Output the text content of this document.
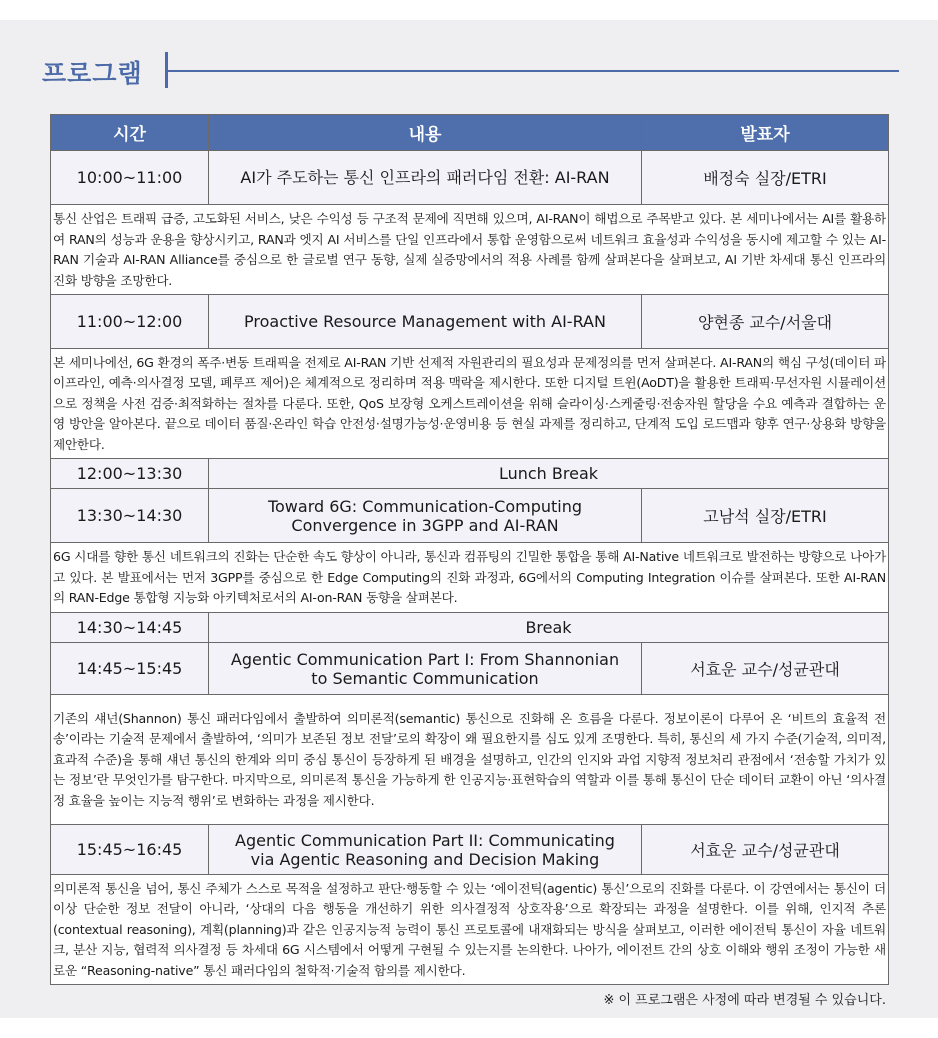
프로그램
시간	내용	발표자
10:00~11:00	AI가 주도하는 통신 인프라의 패러다임 전환: AI-RAN	배정숙 실장/ETRI
통신 산업은 트래픽 급증, 고도화된 서비스, 낮은 수익성 등 구조적 문제에 직면해 있으며, AI-RAN이 해법으로 주목받고 있다. 본 세미나에서는 AI를 활용하여 RAN의 성능과 운용을 향상시키고, RAN과 엣지 AI 서비스를 단일 인프라에서 통합 운영함으로써 네트워크 효율성과 수익성을 동시에 제고할 수 있는 AI-RAN 기술과 AI-RAN Alliance를 중심으로 한 글로벌 연구 동향, 실제 실증망에서의 적용 사례를 함께 살펴본다을 살펴보고, AI 기반 차세대 통신 인프라의 진화 방향을 조망한다.		
11:00~12:00	Proactive Resource Management with AI-RAN	양현종 교수/서울대
본 세미나에선, 6G 환경의 폭주·변동 트래픽을 전제로 AI-RAN 기반 선제적 자원관리의 필요성과 문제정의를 먼저 살펴본다. AI-RAN의 핵심 구성(데이터 파이프라인, 예측·의사결정 모델, 폐루프 제어)은 체계적으로 정리하며 적용 맥락을 제시한다. 또한 디지털 트윈(AoDT)을 활용한 트래픽·무선자원 시뮬레이션으로 정책을 사전 검증·최적화하는 절차를 다룬다. 또한, QoS 보장형 오케스트레이션을 위해 슬라이싱·스케줄링·전송자원 할당을 수요 예측과 결합하는 운영 방안을 알아본다. 끝으로 데이터 품질·온라인 학습 안전성·설명가능성·운영비용 등 현실 과제를 정리하고, 단계적 도입 로드맵과 향후 연구·상용화 방향을 제안한다.		
12:00~13:30	Lunch Break	
13:30~14:30	Toward 6G: Communication-Computing
Convergence in 3GPP and AI-RAN	고남석 실장/ETRI
6G 시대를 향한 통신 네트워크의 진화는 단순한 속도 향상이 아니라, 통신과 컴퓨팅의 긴밀한 통합을 통해 AI-Native 네트워크로 발전하는 방향으로 나아가고 있다. 본 발표에서는 먼저 3GPP를 중심으로 한 Edge Computing의 진화 과정과, 6G에서의 Computing Integration 이슈를 살펴본다. 또한 AI-RAN의 RAN-Edge 통합형 지능화 아키텍처로서의 AI-on-RAN 동향을 살펴본다.		
14:30~14:45	Break	
14:45~15:45	Agentic Communication Part I: From Shannonian
to Semantic Communication	서효운 교수/성균관대
기존의 섀넌(Shannon) 통신 패러다임에서 출발하여 의미론적(semantic) 통신으로 진화해 온 흐름을 다룬다. 정보이론이 다루어 온 ‘비트의 효율적 전송’이라는 기술적 문제에서 출발하여, ‘의미가 보존된 정보 전달’로의 확장이 왜 필요한지를 심도 있게 조명한다. 특히, 통신의 세 가지 수준(기술적, 의미적, 효과적 수준)을 통해 섀넌 통신의 한계와 의미 중심 통신이 등장하게 된 배경을 설명하고, 인간의 인지와 과업 지향적 정보처리 관점에서 ‘전송할 가치가 있는 정보’란 무엇인가를 탐구한다. 마지막으로, 의미론적 통신을 가능하게 한 인공지능·표현학습의 역할과 이를 통해 통신이 단순 데이터 교환이 아닌 ‘의사결정 효율을 높이는 지능적 행위’로 변화하는 과정을 제시한다.		
15:45~16:45	Agentic Communication Part II: Communicating
via Agentic Reasoning and Decision Making	서효운 교수/성균관대
의미론적 통신을 넘어, 통신 주체가 스스로 목적을 설정하고 판단·행동할 수 있는 ‘에이전틱(agentic) 통신’으로의 진화를 다룬다. 이 강연에서는 통신이 더 이상 단순한 정보 전달이 아니라, ‘상대의 다음 행동을 개선하기 위한 의사결정적 상호작용’으로 확장되는 과정을 설명한다. 이를 위해, 인지적 추론(contextual reasoning), 계획(planning)과 같은 인공지능적 능력이 통신 프로토콜에 내재화되는 방식을 살펴보고, 이러한 에이전틱 통신이 자율 네트워크, 분산 지능, 협력적 의사결정 등 차세대 6G 시스템에서 어떻게 구현될 수 있는지를 논의한다. 나아가, 에이전트 간의 상호 이해와 행위 조정이 가능한 새로운 “Reasoning-native” 통신 패러다임의 철학적·기술적 함의를 제시한다.		
※ 이 프로그램은 사정에 따라 변경될 수 있습니다.
